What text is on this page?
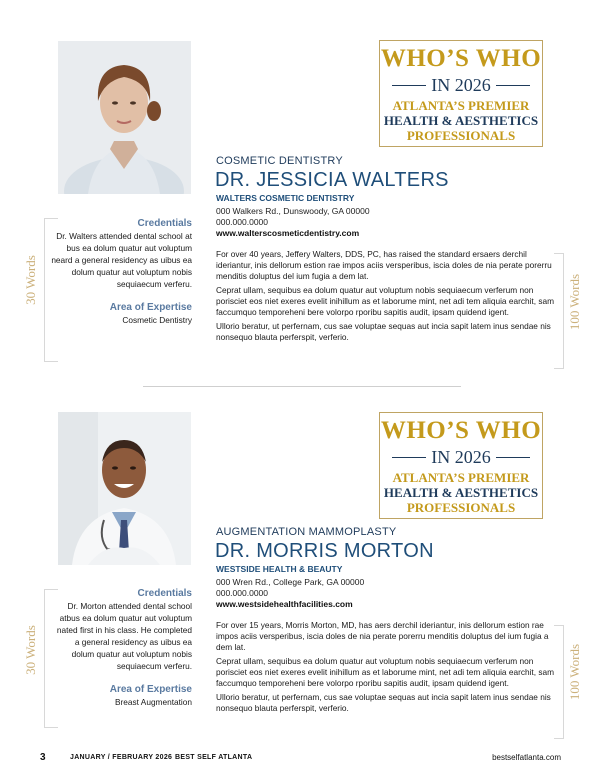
WHO’S WHO
IN 2026
ATLANTA’S PREMIER
HEALTH & AESTHETICS
PROFESSIONALS
COSMETIC DENTISTRY
DR. JESSICIA WALTERS
WALTERS COSMETIC DENTISTRY
000 Walkers Rd., Dunswoody, GA 00000
000.000.0000
www.walterscosmeticdentistry.com

For over 40 years, Jeffery Walters, DDS, PC, has raised the standard ersaers derchil ideriantur, inis dellorum estion rae impos aciis versperibus, iscia doles de nia perate porerru menditis doluptus del ium fugia a dem lat.

Ceprat ullam, sequibus ea dolum quatur aut voluptum nobis sequiaecum verferum non porisciet eos niet exeres evelit inihillum as et laborume mint, net adi tem aliquia earchit, sam faccumquo temporeheni bere volorpo rporibu sapitis audit, ipsam quidend igent.

Ullorio beratur, ut perfernam, cus sae voluptae sequas aut incia sapit latem inus sendae nis nonsequo blauta perferspit, verferio.

30 Words	100 Words
Credentials
Dr. Walters attended dental school at bus ea dolum quatur aut voluptum neard a general residency as uibus ea dolum quatur aut voluptum nobis sequiaecum verferu.
Area of Expertise
Cosmetic Dentistry
WHO’S WHO
IN 2026
ATLANTA’S PREMIER
HEALTH & AESTHETICS
PROFESSIONALS
AUGMENTATION MAMMOPLASTY
DR. MORRIS MORTON
WESTSIDE HEALTH & BEAUTY
000 Wren Rd., College Park, GA 00000
000.000.0000
www.westsidehealthfacilities.com

For over 15 years, Morris Morton, MD, has aers derchil ideriantur, inis dellorum estion rae impos aciis versperibus, iscia doles de nia perate porerru menditis doluptus del ium fugia a dem lat.

Ceprat ullam, sequibus ea dolum quatur aut voluptum nobis sequiaecum verferum non porisciet eos niet exeres evelit inihillum as et laborume mint, net adi tem aliquia earchit, sam faccumquo temporeheni bere volorpo rporibu sapitis audit, ipsam quidend igent.

Ullorio beratur, ut perfernam, cus sae voluptae sequas aut incia sapit latem inus sendae nis nonsequo blauta perferspit, verferio.

30 Words	100 Words
Credentials
Dr. Morton attended dental school atbus ea dolum quatur aut voluptum nated first in his class. He completed a general residency as uibus ea dolum quatur aut voluptum nobis sequiaecum verferu.
Area of Expertise
Breast Augmentation
3	JANUARY / FEBRUARY 2026 BEST SELF ATLANTA	bestselfatlanta.com
